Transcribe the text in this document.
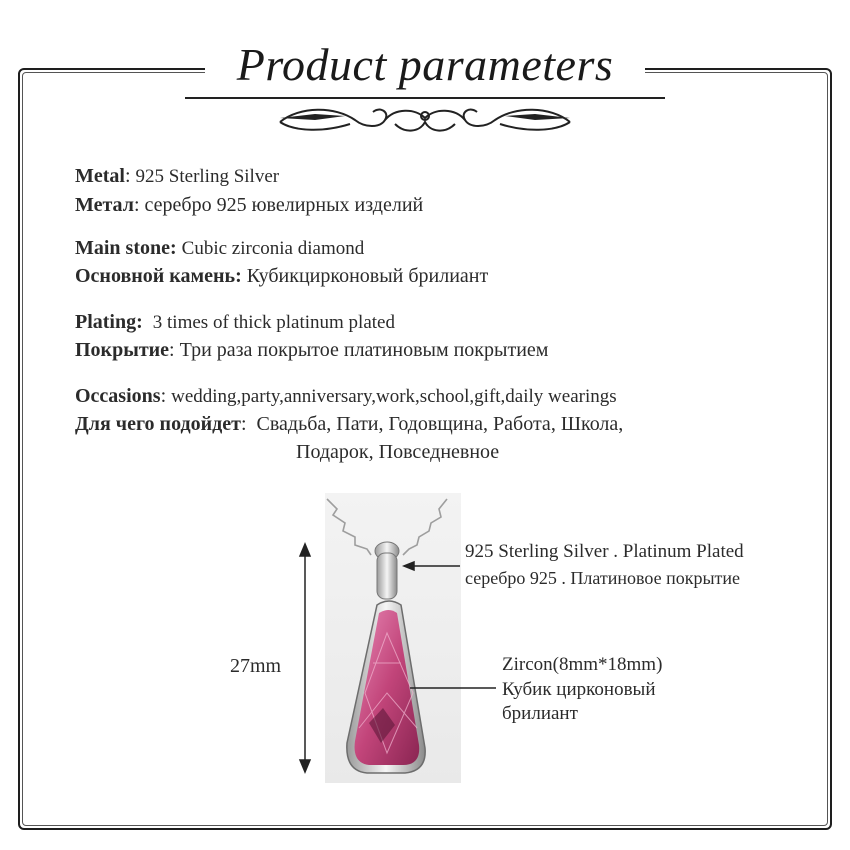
Product parameters
Metal: 925 Sterling Silver
Метал: серебро 925 ювелирных изделий
Main stone: Cubic zirconia diamond
Основной камень: Кубикцирконовый брилиант
Plating: 3 times of thick platinum plated
Покрытие: Три раза покрытое платиновым покрытием
Occasions: wedding,party,anniversary,work,school,gift,daily wearings
Для чего подойдет:  Свадьба, Пати, Годовщина, Работа, Школа,
Подарок, Повседневное
27mm
925 Sterling Silver . Platinum Plated
серебро 925 . Платиновое покрытие
Zircon(8mm*18mm)
Кубик цирконовый
брилиант
